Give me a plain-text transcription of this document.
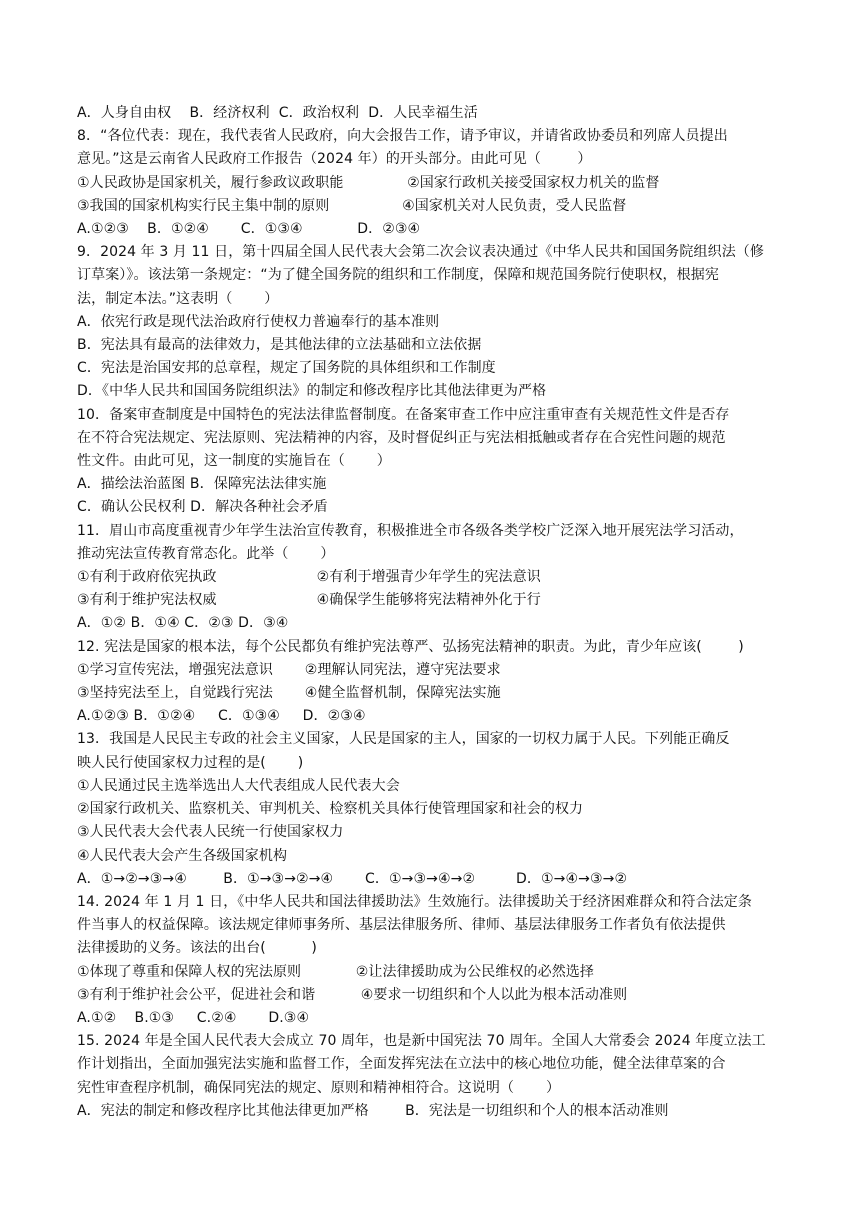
A．人身自由权    B．经济权利  C．政治权利  D．人民幸福生活
8．“各位代表：现在，我代表省人民政府，向大会报告工作，请予审议，并请省政协委员和列席人员提出
意见。”这是云南省人民政府工作报告（2024 年）的开头部分。由此可见（        ）
①人民政协是国家机关，履行参政议政职能              ②国家行政机关接受国家权力机关的监督
③我国的国家机构实行民主集中制的原则                ④国家机关对人民负责，受人民监督
A.①②③    B．①②④       C．①③④            D．②③④
9．2024 年 3 月 11 日，第十四届全国人民代表大会第二次会议表决通过《中华人民共和国国务院组织法（修
订草案）》。该法第一条规定：“为了健全国务院的组织和工作制度，保障和规范国务院行使职权，根据宪
法，制定本法。”这表明（       ）
A．依宪行政是现代法治政府行使权力普遍奉行的基本准则
B．宪法具有最高的法律效力，是其他法律的立法基础和立法依据
C．宪法是治国安邦的总章程，规定了国务院的具体组织和工作制度
D．《中华人民共和国国务院组织法》的制定和修改程序比其他法律更为严格
10．备案审查制度是中国特色的宪法法律监督制度。在备案审查工作中应注重审查有关规范性文件是否存
在不符合宪法规定、宪法原则、宪法精神的内容，及时督促纠正与宪法相抵触或者存在合宪性问题的规范
性文件。由此可见，这一制度的实施旨在（       ）
A．描绘法治蓝图 B．保障宪法法律实施
C．确认公民权利 D．解决各种社会矛盾
11．眉山市高度重视青少年学生法治宣传教育，积极推进全市各级各类学校广泛深入地开展宪法学习活动，
推动宪法宣传教育常态化。此举（       ）
①有利于政府依宪执政                      ②有利于增强青少年学生的宪法意识
③有利于维护宪法权威                      ④确保学生能够将宪法精神外化于行
A．①② B．①④ C．②③ D．③④
12. 宪法是国家的根本法，每个公民都负有维护宪法尊严、弘扬宪法精神的职责。为此，青少年应该(        )
①学习宣传宪法，增强宪法意识       ②理解认同宪法，遵守宪法要求
③坚持宪法至上，自觉践行宪法       ④健全监督机制，保障宪法实施
A.①②③ B．①②④     C．①③④     D．②③④
13．我国是人民民主专政的社会主义国家，人民是国家的主人，国家的一切权力属于人民。下列能正确反
映人民行使国家权力过程的是(       )
①人民通过民主选举选出人大代表组成人民代表大会
②国家行政机关、监察机关、审判机关、检察机关具体行使管理国家和社会的权力
③人民代表大会代表人民统一行使国家权力
④人民代表大会产生各级国家机构
A．①→②→③→④        B．①→③→②→④       C．①→③→④→②         D．①→④→③→②
14. 2024 年 1 月 1 日，《中华人民共和国法律援助法》生效施行。法律援助关于经济困难群众和符合法定条
件当事人的权益保障。该法规定律师事务所、基层法律服务所、律师、基层法律服务工作者负有依法提供
法律援助的义务。该法的出台(          )
①体现了尊重和保障人权的宪法原则            ②让法律援助成为公民维权的必然选择
③有利于维护社会公平，促进社会和谐          ④要求一切组织和个人以此为根本活动准则
A.①②    B.①③     C.②④       D.③④
15. 2024 年是全国人民代表大会成立 70 周年，也是新中国宪法 70 周年。全国人大常委会 2024 年度立法工
作计划指出，全面加强宪法实施和监督工作，全面发挥宪法在立法中的核心地位功能，健全法律草案的合
宪性审查程序机制，确保同宪法的规定、原则和精神相符合。这说明（       ）
A．宪法的制定和修改程序比其他法律更加严格        B．宪法是一切组织和个人的根本活动准则
